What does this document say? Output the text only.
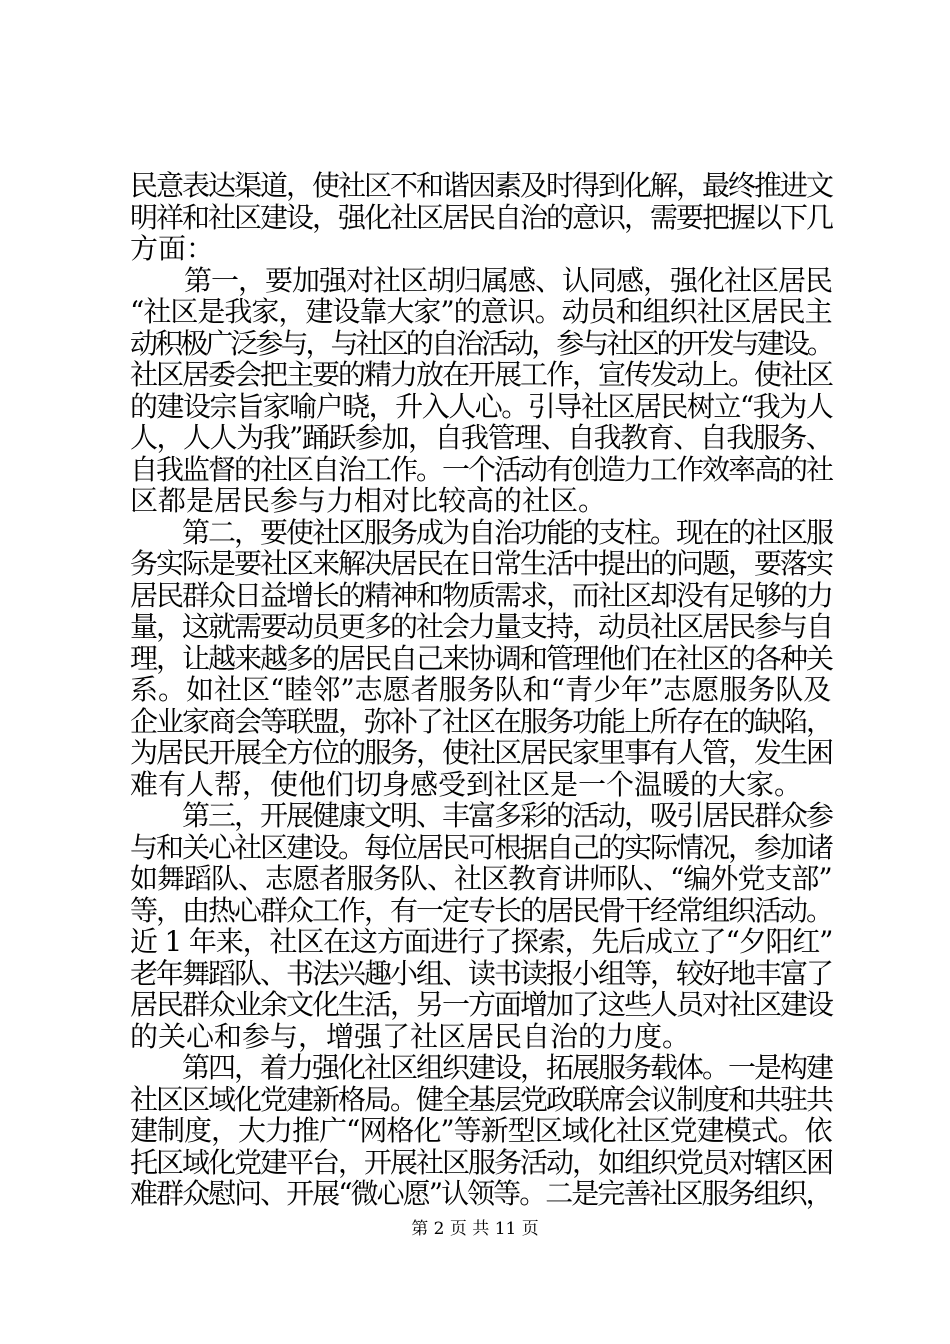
民意表达渠道，使社区不和谐因素及时得到化解，最终推进文
明祥和社区建设，强化社区居民自治的意识，需要把握以下几
方面：
　　第一，要加强对社区胡归属感、认同感，强化社区居民
“社区是我家，建设靠大家”的意识。动员和组织社区居民主
动积极广泛参与，与社区的自治活动，参与社区的开发与建设。
社区居委会把主要的精力放在开展工作，宣传发动上。使社区
的建设宗旨家喻户晓，升入人心。引导社区居民树立“我为人
人，人人为我”踊跃参加，自我管理、自我教育、自我服务、
自我监督的社区自治工作。一个活动有创造力工作效率高的社
区都是居民参与力相对比较高的社区。
　　第二，要使社区服务成为自治功能的支柱。现在的社区服
务实际是要社区来解决居民在日常生活中提出的问题，要落实
居民群众日益增长的精神和物质需求，而社区却没有足够的力
量，这就需要动员更多的社会力量支持，动员社区居民参与自
理，让越来越多的居民自己来协调和管理他们在社区的各种关
系。如社区“睦邻”志愿者服务队和“青少年”志愿服务队及
企业家商会等联盟，弥补了社区在服务功能上所存在的缺陷，
为居民开展全方位的服务，使社区居民家里事有人管，发生困
难有人帮，使他们切身感受到社区是一个温暖的大家。
　　第三，开展健康文明、丰富多彩的活动，吸引居民群众参
与和关心社区建设。每位居民可根据自己的实际情况，参加诸
如舞蹈队、志愿者服务队、社区教育讲师队、“编外党支部”
等，由热心群众工作，有一定专长的居民骨干经常组织活动。
近 1 年来，社区在这方面进行了探索，先后成立了“夕阳红”
老年舞蹈队、书法兴趣小组、读书读报小组等，较好地丰富了
居民群众业余文化生活，另一方面增加了这些人员对社区建设
的关心和参与，增强了社区居民自治的力度。
　　第四，着力强化社区组织建设，拓展服务载体。一是构建
社区区域化党建新格局。健全基层党政联席会议制度和共驻共
建制度，大力推广“网格化”等新型区域化社区党建模式。依
托区域化党建平台，开展社区服务活动，如组织党员对辖区困
难群众慰问、开展“微心愿”认领等。二是完善社区服务组织，
第 2 页 共 11 页
